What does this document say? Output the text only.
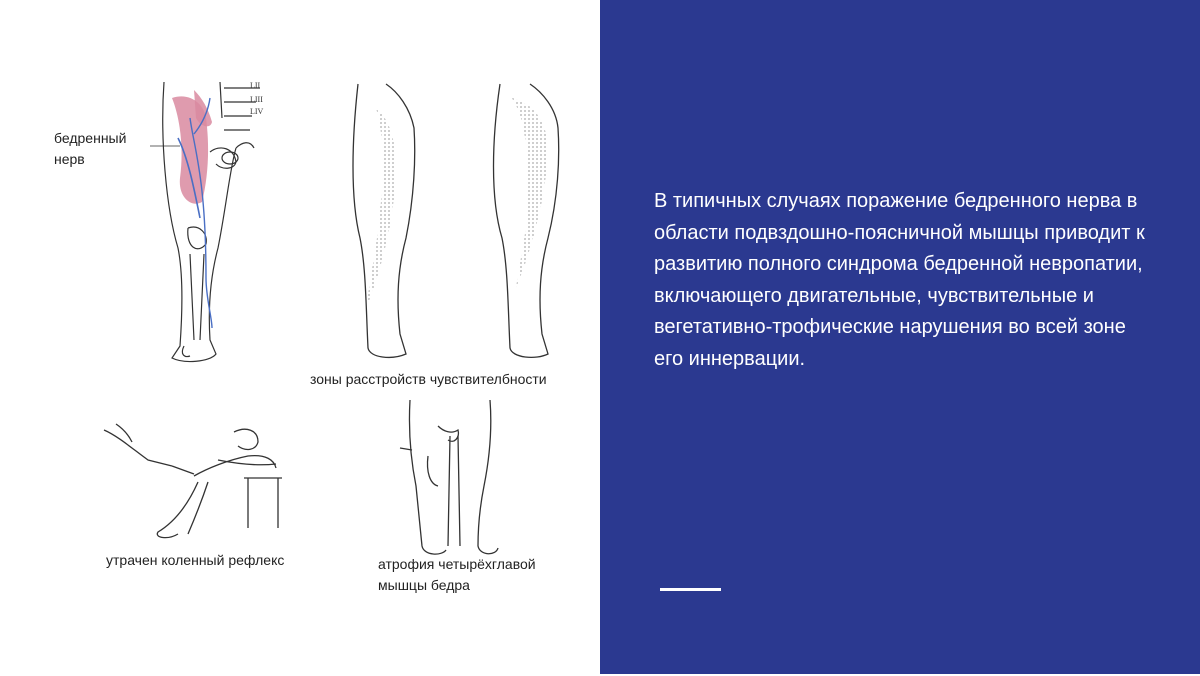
LII
LIII
LIV
бедренный
нерв
зоны расстройств чувствителбности
утрачен коленный рефлекс	атрофия четырёхглавой
мышцы бедра

В типичных случаях поражение бедренного нерва в области подвздошно-поясничной мышцы приводит к развитию полного синдрома бедренной невропатии, включающего двигательные, чувствительные и вегетативно-трофические нарушения во всей зоне его иннервации.
